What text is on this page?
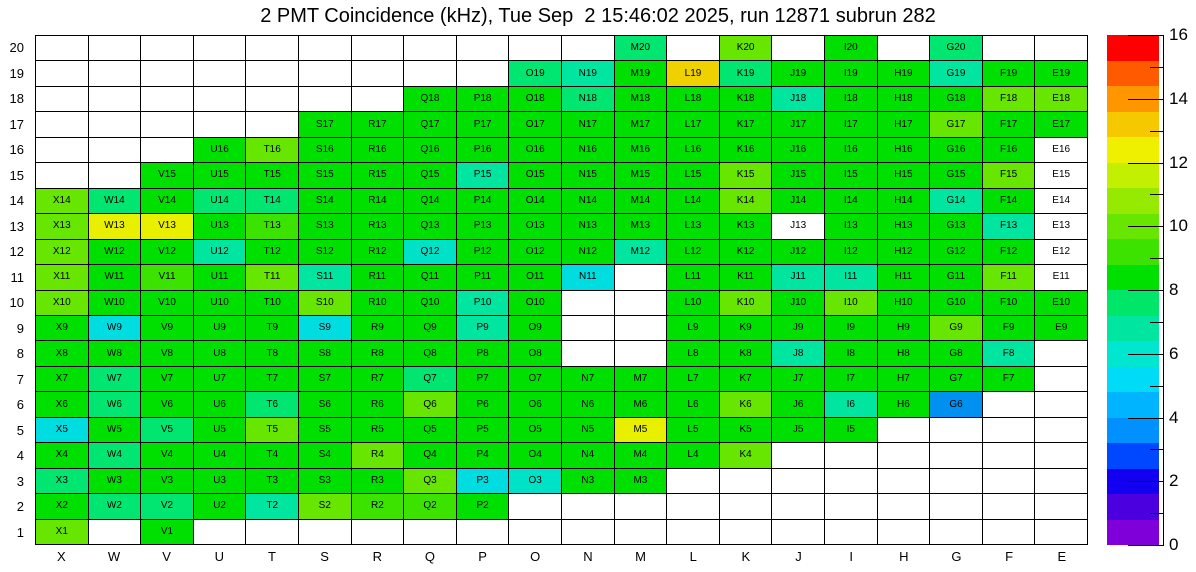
2 PMT Coincidence (kHz), Tue Sep  2 15:46:02 2025, run 12871 subrun 282
20
19
18
17
16
15
14
13
12
11
10
9
8
7
6
5
4
3
2
1
M20	K20	I20	G20
O19	N19	M19	L19	K19	J19	I19	H19	G19	F19	E19
Q18	P18	O18	N18	M18	L18	K18	J18	I18	H18	G18	F18	E18
S17	R17	Q17	P17	O17	N17	M17	L17	K17	J17	I17	H17	G17	F17	E17
U16	T16	S16	R16	Q16	P16	O16	N16	M16	L16	K16	J16	I16	H16	G16	F16	E16
V15	U15	T15	S15	R15	Q15	P15	O15	N15	M15	L15	K15	J15	I15	H15	G15	F15	E15
X14	W14	V14	U14	T14	S14	R14	Q14	P14	O14	N14	M14	L14	K14	J14	I14	H14	G14	F14	E14
X13	W13	V13	U13	T13	S13	R13	Q13	P13	O13	N13	M13	L13	K13	J13	I13	H13	G13	F13	E13
X12	W12	V12	U12	T12	S12	R12	Q12	P12	O12	N12	M12	L12	K12	J12	I12	H12	G12	F12	E12
X11	W11	V11	U11	T11	S11	R11	Q11	P11	O11	N11	L11	K11	J11	I11	H11	G11	F11	E11
X10	W10	V10	U10	T10	S10	R10	Q10	P10	O10	L10	K10	J10	I10	H10	G10	F10	E10
X9	W9	V9	U9	T9	S9	R9	Q9	P9	O9	L9	K9	J9	I9	H9	G9	F9	E9
X8	W8	V8	U8	T8	S8	R8	Q8	P8	O8	L8	K8	J8	I8	H8	G8	F8
X7	W7	V7	U7	T7	S7	R7	Q7	P7	O7	N7	M7	L7	K7	J7	I7	H7	G7	F7
X6	W6	V6	U6	T6	S6	R6	Q6	P6	O6	N6	M6	L6	K6	J6	I6	H6	G6
X5	W5	V5	U5	T5	S5	R5	Q5	P5	O5	N5	M5	L5	K5	J5	I5
X4	W4	V4	U4	T4	S4	R4	Q4	P4	O4	N4	M4	L4	K4
X3	W3	V3	U3	T3	S3	R3	Q3	P3	O3	N3	M3
X2	W2	V2	U2	T2	S2	R2	Q2	P2
X1	V1
X	W	V	U	T	S	R	Q	P	O	N	M	L	K	J	I	H	G	F	E
0
2
4
6
8
10
12
14
16
